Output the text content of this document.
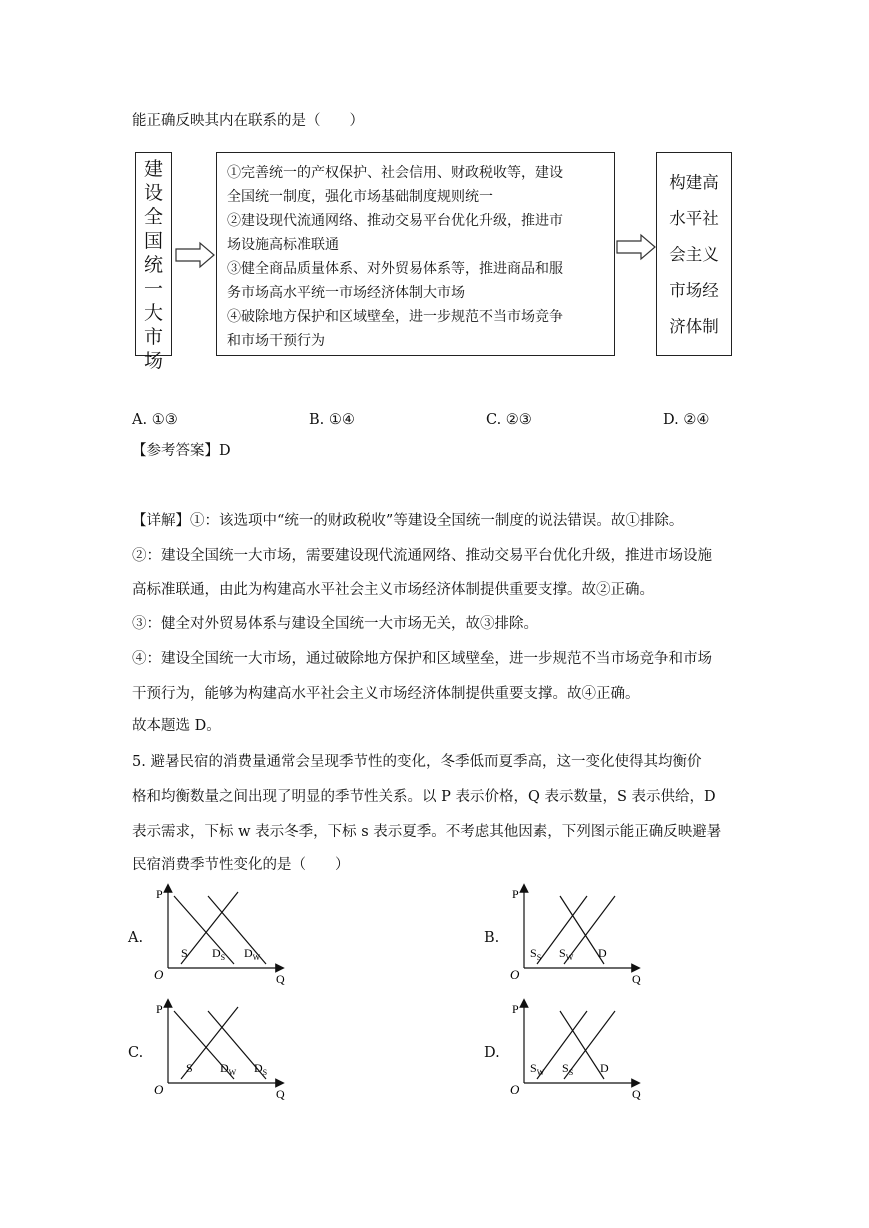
能正确反映其内在联系的是（　　）
建设全国统一大市场
①完善统一的产权保护、社会信用、财政税收等，建设
全国统一制度，强化市场基础制度规则统一
②建设现代流通网络、推动交易平台优化升级，推进市
场设施高标准联通
③健全商品质量体系、对外贸易体系等，推进商品和服
务市场高水平统一市场经济体制大市场
④破除地方保护和区域壁垒，进一步规范不当市场竞争
和市场干预行为
构建高
水平社
会主义
市场经
济体制
A. ①③	B. ①④	C. ②③	D. ②④
【参考答案】D
【详解】①：该选项中“统一的财政税收”等建设全国统一制度的说法错误。故①排除。
②：建设全国统一大市场，需要建设现代流通网络、推动交易平台优化升级，推进市场设施
高标准联通，由此为构建高水平社会主义市场经济体制提供重要支撑。故②正确。
③：健全对外贸易体系与建设全国统一大市场无关，故③排除。
④：建设全国统一大市场，通过破除地方保护和区域壁垒，进一步规范不当市场竞争和市场
干预行为，能够为构建高水平社会主义市场经济体制提供重要支撑。故④正确。
故本题选 D。
5. 避暑民宿的消费量通常会呈现季节性的变化，冬季低而夏季高，这一变化使得其均衡价
格和均衡数量之间出现了明显的季节性关系。以 P 表示价格，Q 表示数量，S 表示供给，D
表示需求，下标 w 表示冬季，下标 s 表示夏季。不考虑其他因素，下列图示能正确反映避暑
民宿消费季节性变化的是（　　）
A.
P
Q
O
S $D_S$ $D_W$
B.
P
Q
O
$S_S$ $S_W$ D
C.
P
Q
O
S $D_W$ $D_S$
D.
P
Q
O
$S_W$ $S_S$ D
